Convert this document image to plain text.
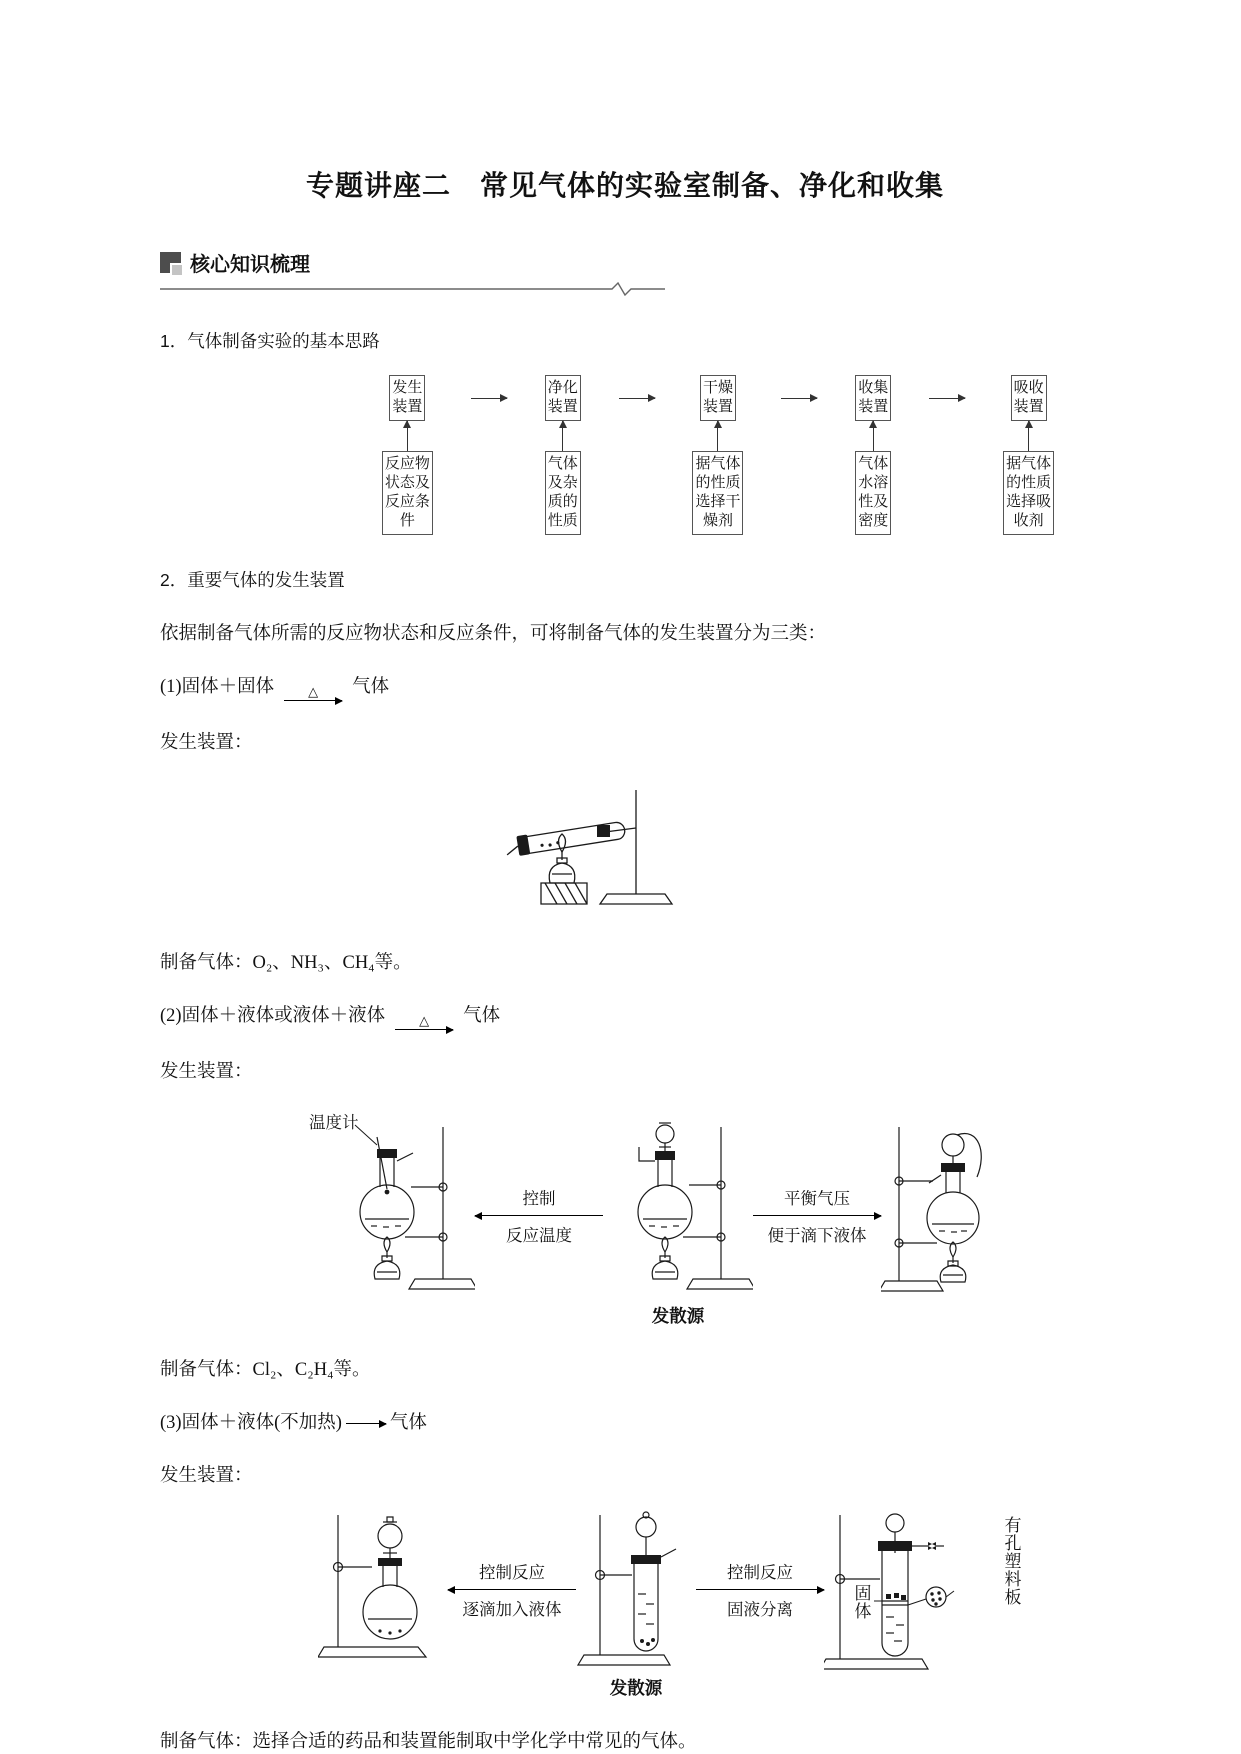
专题讲座二　常见气体的实验室制备、净化和收集
核心知识梳理
1．气体制备实验的基本思路
发生装置
净化装置
干燥装置
收集装置
吸收装置
反应物状态及反应条件
气体及杂质的性质
据气体的性质选择干燥剂
气体水溶性及密度
据气体的性质选择吸收剂
2．重要气体的发生装置
依据制备气体所需的反应物状态和反应条件，可将制备气体的发生装置分为三类：
(1)固体＋固体	△ 气体
发生装置：
制备气体：O₂、NH₃、CH₄等。
(2)固体＋液体或液体＋液体	△ 气体
发生装置：
温度计
控制
反应温度
发散源
平衡气压
便于滴下液体
制备气体：Cl₂、C₂H₄等。
(3)固体＋液体(不加热) → 气体
发生装置：
控制反应
逐滴加入液体
发散源
控制反应
固液分离
固体
有孔塑料板
制备气体：选择合适的药品和装置能制取中学化学中常见的气体。
